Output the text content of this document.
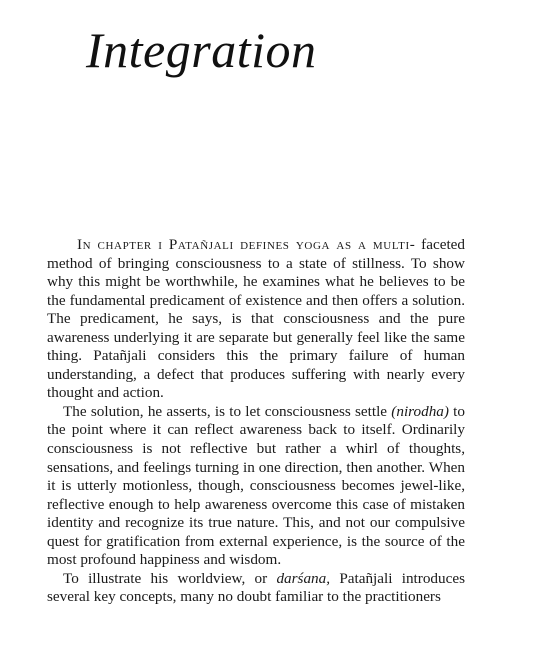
Integration

In chapter i Patañjali defines yoga as a multi- faceted method of bringing consciousness to a state of stillness. To show why this might be worthwhile, he examines what he believes to be the fundamental predicament of existence and then offers a solution. The predicament, he says, is that consciousness and the pure awareness underlying it are separate but generally feel like the same thing. Patañjali considers this the primary failure of human understanding, a defect that produces suffering with nearly every thought and action.

The solution, he asserts, is to let consciousness settle (nirodha) to the point where it can reflect awareness back to itself. Ordinarily consciousness is not reflective but rather a whirl of thoughts, sensations, and feelings turning in one direction, then another. When it is utterly motionless, though, consciousness becomes jewel-like, reflective enough to help awareness overcome this case of mistaken identity and recognize its true nature. This, and not our compulsive quest for gratification from external experience, is the source of the most profound happiness and wisdom.

To illustrate his worldview, or darśana, Patañjali introduces several key concepts, many no doubt familiar to the practitioners
